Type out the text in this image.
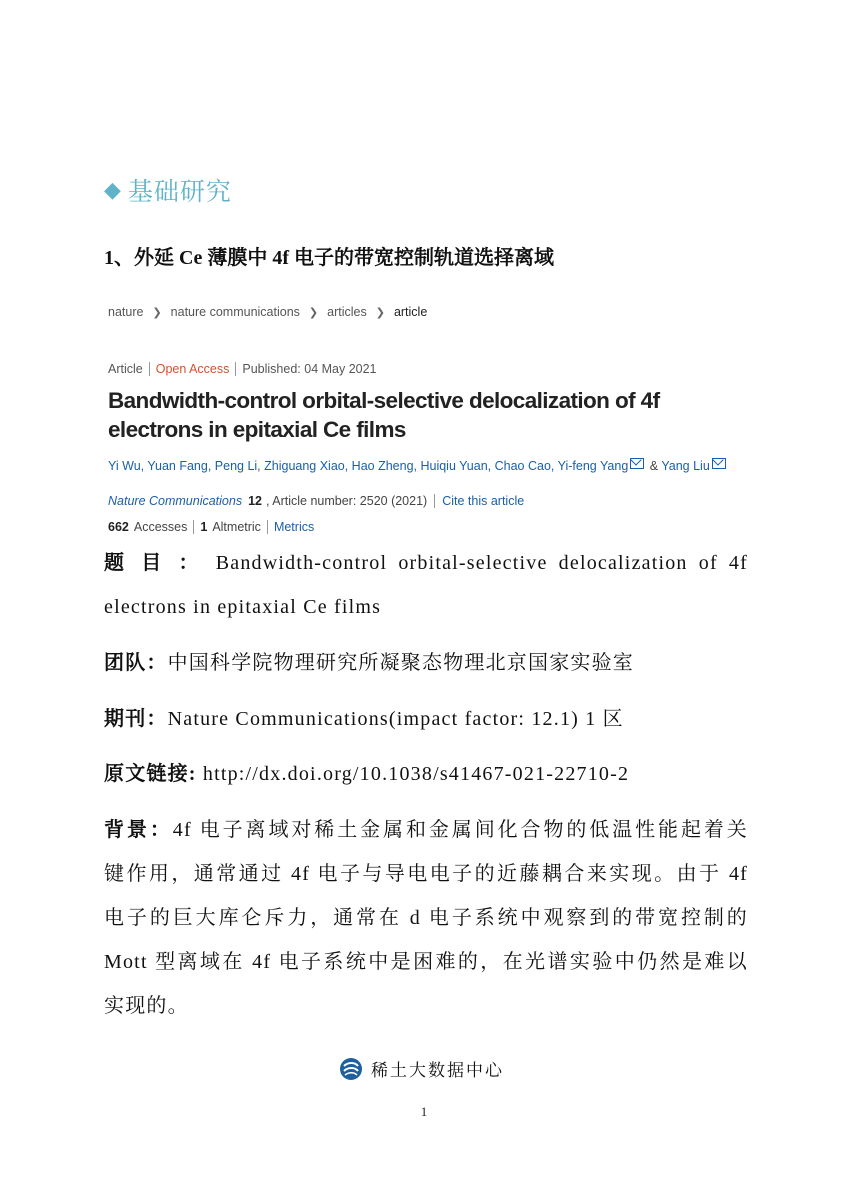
◆ 基础研究
1、外延 Ce 薄膜中 4f 电子的带宽控制轨道选择离域
nature ❯ nature communications ❯ articles ❯ article
Article Open Access Published: 04 May 2021
Bandwidth-control orbital-selective delocalization of 4f
electrons in epitaxial Ce films
Yi Wu, Yuan Fang, Peng Li, Zhiguang Xiao, Hao Zheng, Huiqiu Yuan, Chao Cao, Yi-feng Yang & Yang Liu
Nature Communications 12 , Article number: 2520 (2021) Cite this article
662 Accesses 1 Altmetric Metrics
题 目 ： Bandwidth-control orbital-selective delocalization of 4f
electrons in epitaxial Ce films
团队：中国科学院物理研究所凝聚态物理北京国家实验室
期刊：Nature Communications(impact factor: 12.1) 1 区
原文链接: http://dx.doi.org/10.1038/s41467-021-22710-2
背景：4f 电子离域对稀土金属和金属间化合物的低温性能起着关
键作用，通常通过 4f 电子与导电电子的近藤耦合来实现。由于 4f
电子的巨大库仑斥力，通常在 d 电子系统中观察到的带宽控制的
Mott 型离域在 4f 电子系统中是困难的，在光谱实验中仍然是难以
实现的。
稀土大数据中心
1
